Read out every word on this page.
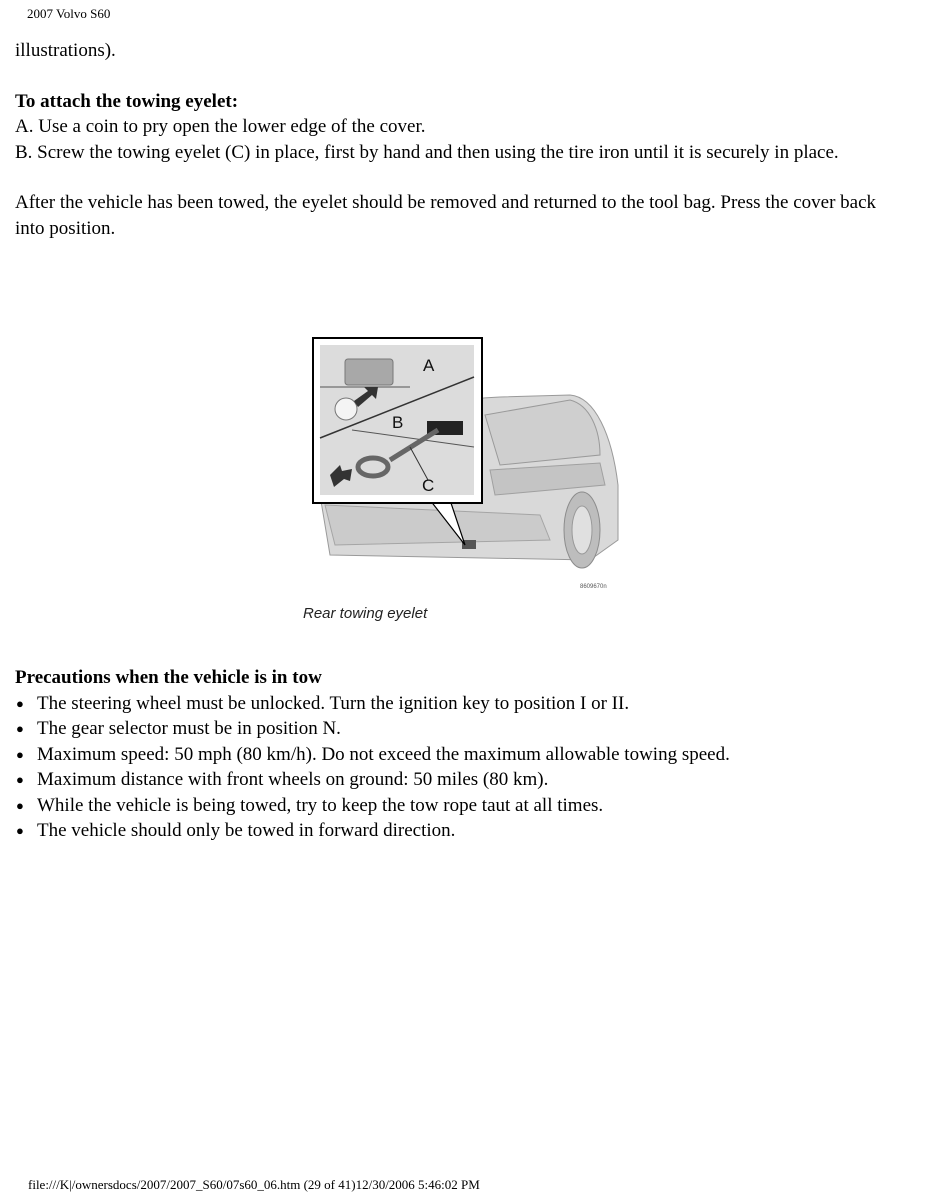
2007 Volvo S60

illustrations).

To attach the towing eyelet:

A. Use a coin to pry open the lower edge of the cover.

B. Screw the towing eyelet (C) in place, first by hand and then using the tire iron until it is securely in place.

After the vehicle has been towed, the eyelet should be removed and returned to the tool bag. Press the cover back into position.

A
B
C
8609670n
Rear towing eyelet

Precautions when the vehicle is in tow

● The steering wheel must be unlocked. Turn the ignition key to position I or II.
● The gear selector must be in position N.
● Maximum speed: 50 mph (80 km/h). Do not exceed the maximum allowable towing speed.
● Maximum distance with front wheels on ground: 50 miles (80 km).
● While the vehicle is being towed, try to keep the tow rope taut at all times.
● The vehicle should only be towed in forward direction.
file:///K|/ownersdocs/2007/2007_S60/07s60_06.htm (29 of 41)12/30/2006 5:46:02 PM
